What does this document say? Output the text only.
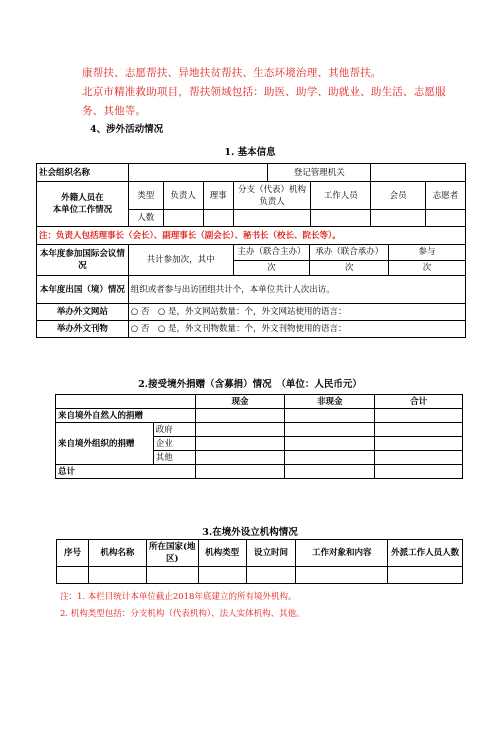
康帮扶、志愿帮扶、异地扶贫帮扶、生态环境治理、其他帮扶。
北京市精准救助项目，帮扶领域包括：助医、助学、助就业、助生活、志愿服
务、其他等。
4、涉外活动情况
1. 基本信息
社会组织名称		登记管理机关	
外籍人员在
本单位工作情况	类型	负责人	理事	分支（代表）机构负责人	工作人员	会员	志愿者
人数						
注：负责人包括理事长（会长）、副理事长（副会长）、秘书长（校长、院长等）。
本年度参加国际会议情况	共计参加次，其中	
主办（联合主办）	承办（联合承办）	参与
次	次	次

本年度出国（境）情况	组织或者参与出访团组共计个，本单位共计人次出访。
举办外文网站	○ 否　○ 是，外文网站数量：个，外文网站使用的语言：
举办外文刊物	○ 否　○ 是，外文刊物数量：个，外文刊物使用的语言：
2.接受境外捐赠（含募捐）情况　（单位：人民币元）
		现金	非现金	合计
来自境外自然人的捐赠				
来自境外组织的捐赠	政府			
	企业			
	其他			
总计				
3.在境外设立机构情况
序号	机构名称	所在国家(地区)	机构类型	设立时间	工作对象和内容	外派工作人员人数

注：1. 本栏目统计本单位截止2018年底建立的所有境外机构。
2. 机构类型包括：分支机构（代表机构）、法人实体机构、其他。
